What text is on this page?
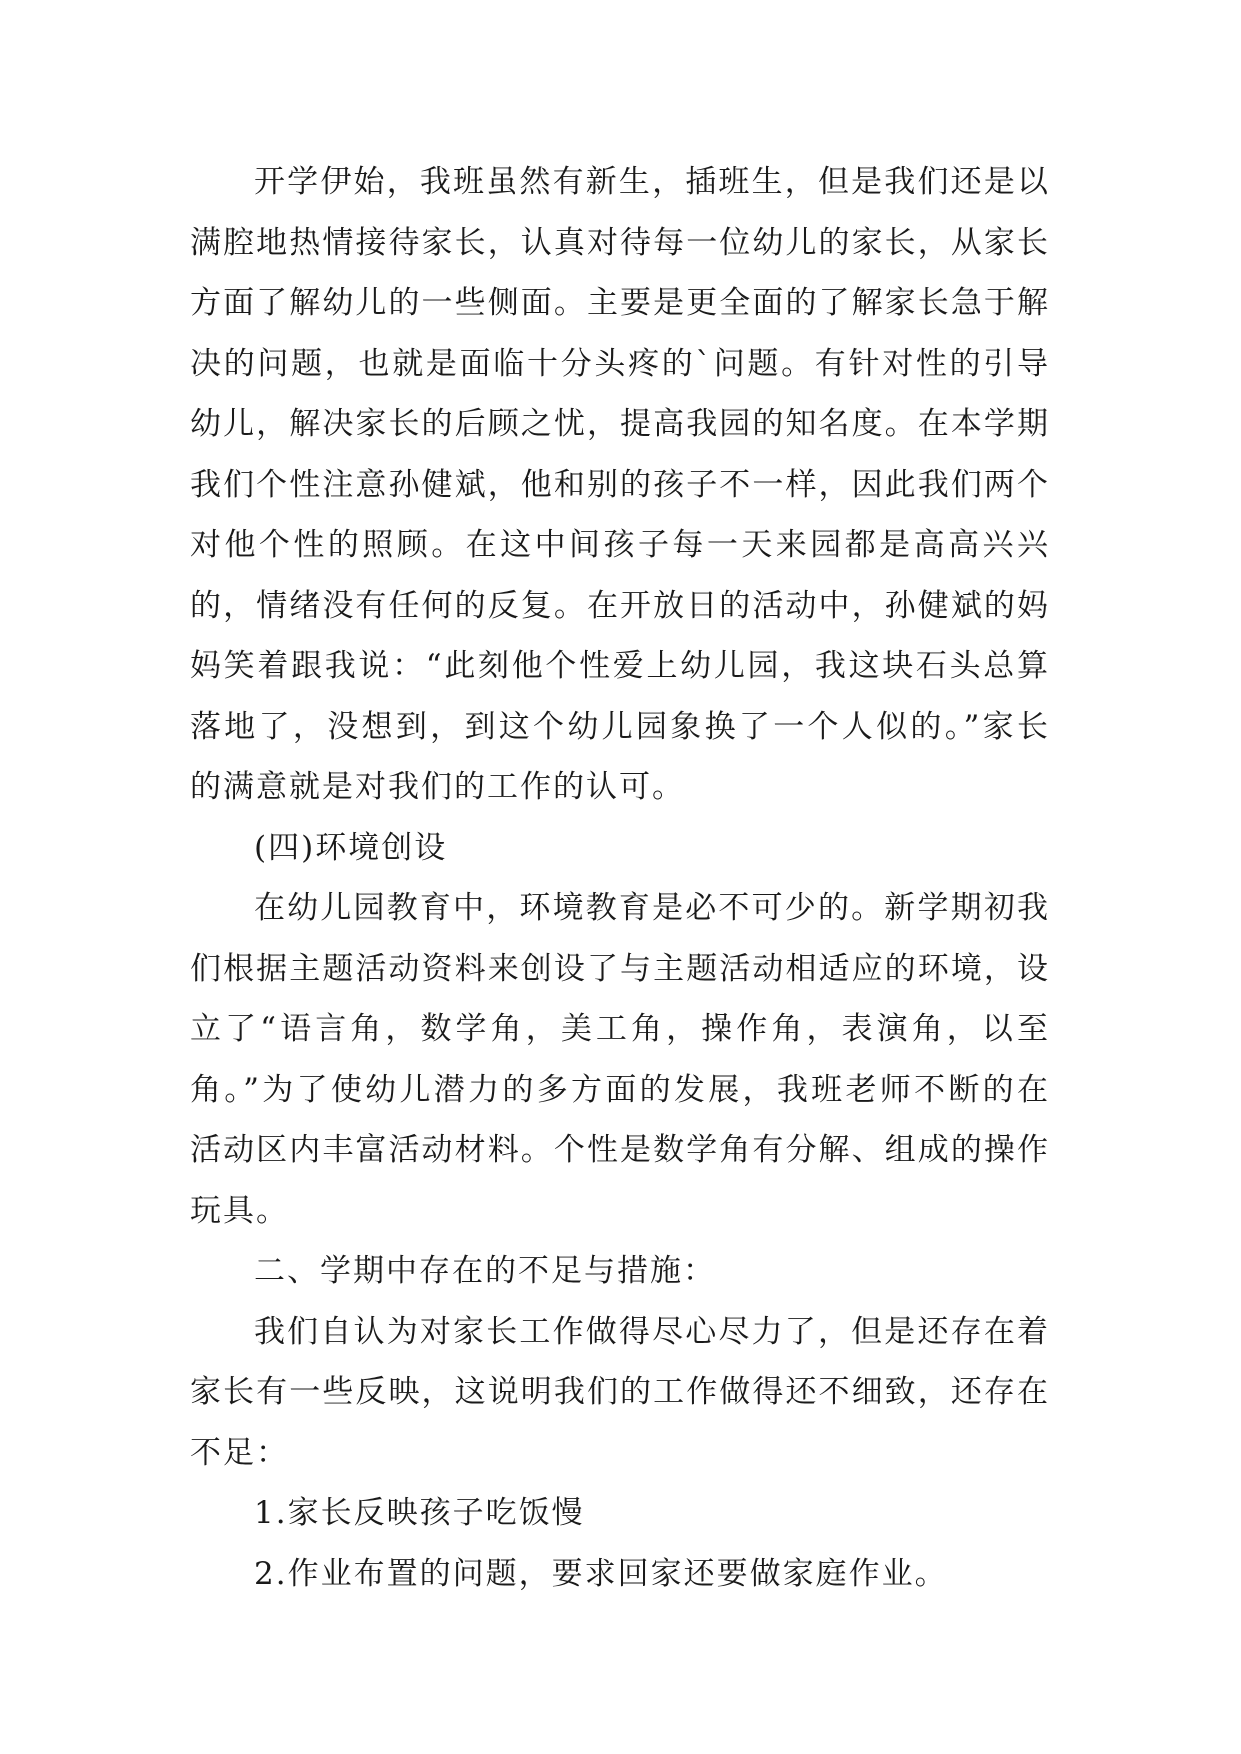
开学伊始，我班虽然有新生，插班生，但是我们还是以满腔地热情接待家长，认真对待每一位幼儿的家长，从家长方面了解幼儿的一些侧面。主要是更全面的了解家长急于解决的问题，也就是面临十分头疼的`问题。有针对性的引导幼儿，解决家长的后顾之忧，提高我园的知名度。在本学期我们个性注意孙健斌，他和别的孩子不一样，因此我们两个对他个性的照顾。在这中间孩子每一天来园都是高高兴兴的，情绪没有任何的反复。在开放日的活动中，孙健斌的妈妈笑着跟我说：“此刻他个性爱上幼儿园，我这块石头总算落地了，没想到，到这个幼儿园象换了一个人似的。”家长的满意就是对我们的工作的认可。

(四)环境创设

在幼儿园教育中，环境教育是必不可少的。新学期初我们根据主题活动资料来创设了与主题活动相适应的环境，设立了“语言角，数学角，美工角，操作角，表演角，以至角。”为了使幼儿潜力的多方面的发展，我班老师不断的在活动区内丰富活动材料。个性是数学角有分解、组成的操作玩具。

二、学期中存在的不足与措施：

我们自认为对家长工作做得尽心尽力了，但是还存在着家长有一些反映，这说明我们的工作做得还不细致，还存在不足：

1.家长反映孩子吃饭慢

2.作业布置的问题，要求回家还要做家庭作业。
